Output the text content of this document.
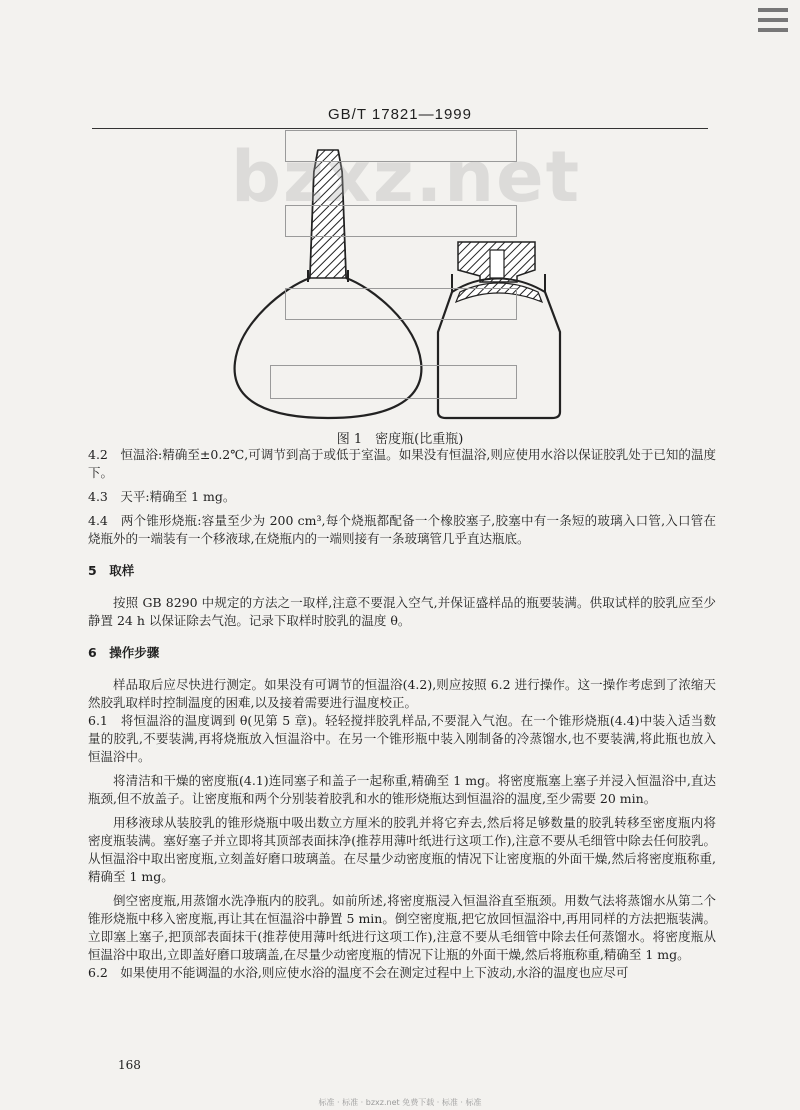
GB/T 17821—1999
bzxz.net
图 1　密度瓶(比重瓶)

4.2　恒温浴:精确至±0.2℃,可调节到高于或低于室温。如果没有恒温浴,则应使用水浴以保证胶乳处于已知的温度下。

4.3　天平:精确至 1 mg。

4.4　两个锥形烧瓶:容量至少为 200 cm³,每个烧瓶都配备一个橡胶塞子,胶塞中有一条短的玻璃入口管,入口管在烧瓶外的一端装有一个移液球,在烧瓶内的一端则接有一条玻璃管几乎直达瓶底。

5　取样

按照 GB 8290 中规定的方法之一取样,注意不要混入空气,并保证盛样品的瓶要装满。供取试样的胶乳应至少静置 24 h 以保证除去气泡。记录下取样时胶乳的温度 θ。

6　操作步骤

样品取后应尽快进行测定。如果没有可调节的恒温浴(4.2),则应按照 6.2 进行操作。这一操作考虑到了浓缩天然胶乳取样时控制温度的困难,以及接着需要进行温度校正。

6.1　将恒温浴的温度调到 θ(见第 5 章)。轻轻搅拌胶乳样品,不要混入气泡。在一个锥形烧瓶(4.4)中装入适当数量的胶乳,不要装满,再将烧瓶放入恒温浴中。在另一个锥形瓶中装入刚制备的冷蒸馏水,也不要装满,将此瓶也放入恒温浴中。

将清洁和干燥的密度瓶(4.1)连同塞子和盖子一起称重,精确至 1 mg。将密度瓶塞上塞子并浸入恒温浴中,直达瓶颈,但不放盖子。让密度瓶和两个分别装着胶乳和水的锥形烧瓶达到恒温浴的温度,至少需要 20 min。

用移液球从装胶乳的锥形烧瓶中吸出数立方厘米的胶乳并将它弃去,然后将足够数量的胶乳转移至密度瓶内将密度瓶装满。塞好塞子并立即将其顶部表面抹净(推荐用薄叶纸进行这项工作),注意不要从毛细管中除去任何胶乳。从恒温浴中取出密度瓶,立刻盖好磨口玻璃盖。在尽量少动密度瓶的情况下让密度瓶的外面干燥,然后将密度瓶称重,精确至 1 mg。

倒空密度瓶,用蒸馏水洗净瓶内的胶乳。如前所述,将密度瓶浸入恒温浴直至瓶颈。用数气法将蒸馏水从第二个锥形烧瓶中移入密度瓶,再让其在恒温浴中静置 5 min。倒空密度瓶,把它放回恒温浴中,再用同样的方法把瓶装满。立即塞上塞子,把顶部表面抹干(推荐使用薄叶纸进行这项工作),注意不要从毛细管中除去任何蒸馏水。将密度瓶从恒温浴中取出,立即盖好磨口玻璃盖,在尽量少动密度瓶的情况下让瓶的外面干燥,然后将瓶称重,精确至 1 mg。

6.2　如果使用不能调温的水浴,则应使水浴的温度不会在测定过程中上下波动,水浴的温度也应尽可

168
标准 · 标准 · bzxz.net 免费下载 · 标准 · 标准
